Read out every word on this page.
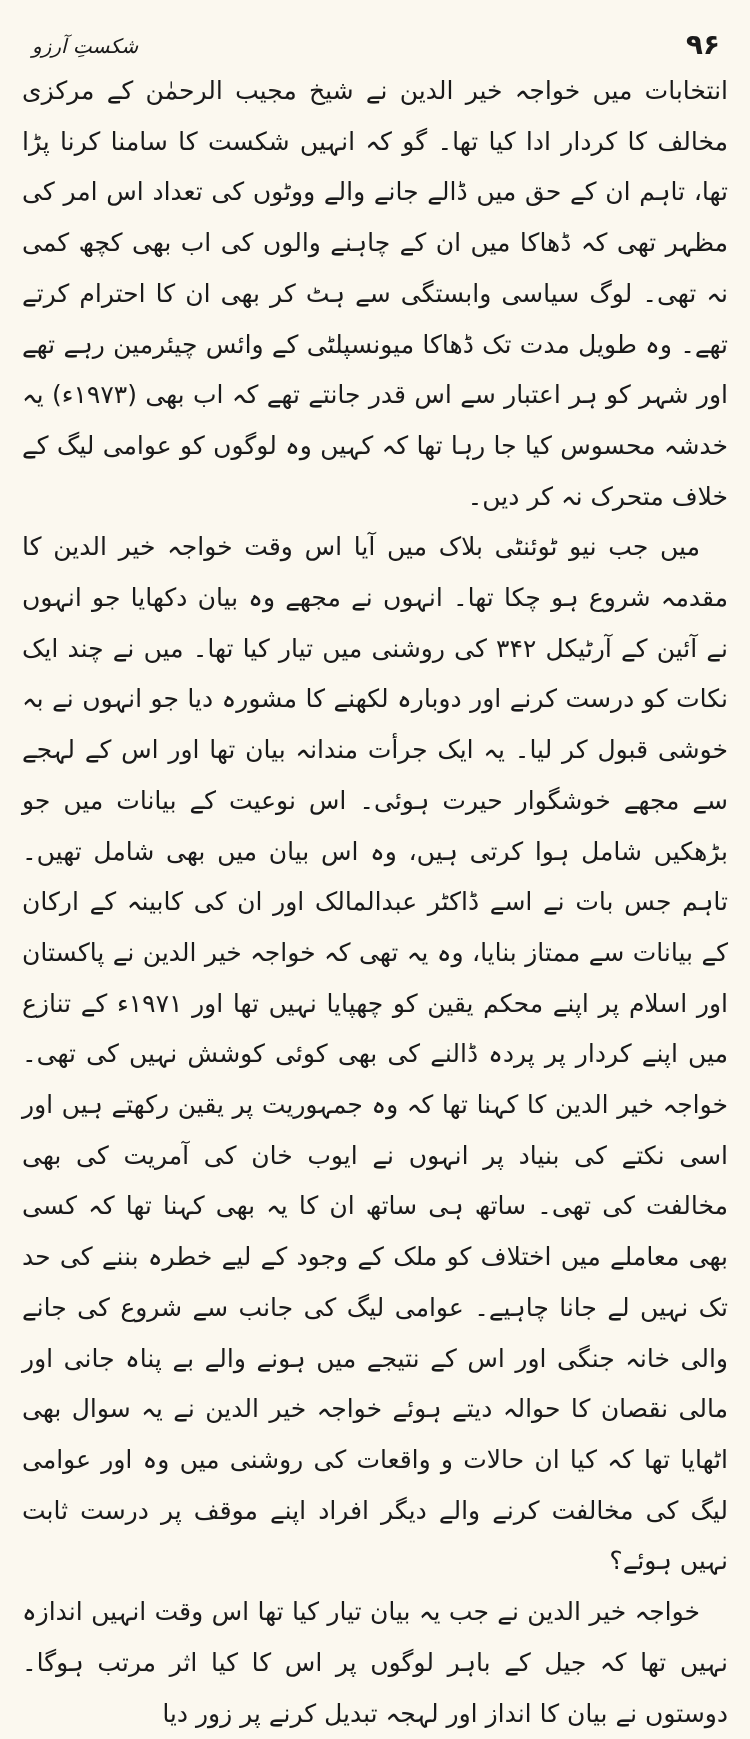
۹۶
شکستِ آرزو

انتخابات میں خواجہ خیر الدین نے شیخ مجیب الرحمٰن کے مرکزی مخالف کا کردار ادا کیا تھا۔ گو کہ انہیں شکست کا سامنا کرنا پڑا تھا، تاہم ان کے حق میں ڈالے جانے والے ووٹوں کی تعداد اس امر کی مظہر تھی کہ ڈھاکا میں ان کے چاہنے والوں کی اب بھی کچھ کمی نہ تھی۔ لوگ سیاسی وابستگی سے ہٹ کر بھی ان کا احترام کرتے تھے۔ وہ طویل مدت تک ڈھاکا میونسپلٹی کے وائس چیئرمین رہے تھے اور شہر کو ہر اعتبار سے اس قدر جانتے تھے کہ اب بھی (۱۹۷۳ء) یہ خدشہ محسوس کیا جا رہا تھا کہ کہیں وہ لوگوں کو عوامی لیگ کے خلاف متحرک نہ کر دیں۔

میں جب نیو ٹوئنٹی بلاک میں آیا اس وقت خواجہ خیر الدین کا مقدمہ شروع ہو چکا تھا۔ انہوں نے مجھے وہ بیان دکھایا جو انہوں نے آئین کے آرٹیکل ۳۴۲ کی روشنی میں تیار کیا تھا۔ میں نے چند ایک نکات کو درست کرنے اور دوبارہ لکھنے کا مشورہ دیا جو انہوں نے بہ خوشی قبول کر لیا۔ یہ ایک جرأت مندانہ بیان تھا اور اس کے لہجے سے مجھے خوشگوار حیرت ہوئی۔ اس نوعیت کے بیانات میں جو بڑھکیں شامل ہوا کرتی ہیں، وہ اس بیان میں بھی شامل تھیں۔ تاہم جس بات نے اسے ڈاکٹر عبدالمالک اور ان کی کابینہ کے ارکان کے بیانات سے ممتاز بنایا، وہ یہ تھی کہ خواجہ خیر الدین نے پاکستان اور اسلام پر اپنے محکم یقین کو چھپایا نہیں تھا اور ۱۹۷۱ء کے تنازع میں اپنے کردار پر پردہ ڈالنے کی بھی کوئی کوشش نہیں کی تھی۔ خواجہ خیر الدین کا کہنا تھا کہ وہ جمہوریت پر یقین رکھتے ہیں اور اسی نکتے کی بنیاد پر انہوں نے ایوب خان کی آمریت کی بھی مخالفت کی تھی۔ ساتھ ہی ساتھ ان کا یہ بھی کہنا تھا کہ کسی بھی معاملے میں اختلاف کو ملک کے وجود کے لیے خطرہ بننے کی حد تک نہیں لے جانا چاہیے۔ عوامی لیگ کی جانب سے شروع کی جانے والی خانہ جنگی اور اس کے نتیجے میں ہونے والے بے پناہ جانی اور مالی نقصان کا حوالہ دیتے ہوئے خواجہ خیر الدین نے یہ سوال بھی اٹھایا تھا کہ کیا ان حالات و واقعات کی روشنی میں وہ اور عوامی لیگ کی مخالفت کرنے والے دیگر افراد اپنے موقف پر درست ثابت نہیں ہوئے؟

خواجہ خیر الدین نے جب یہ بیان تیار کیا تھا اس وقت انہیں اندازہ نہیں تھا کہ جیل کے باہر لوگوں پر اس کا کیا اثر مرتب ہوگا۔ دوستوں نے بیان کا انداز اور لہجہ تبدیل کرنے پر زور دیا
